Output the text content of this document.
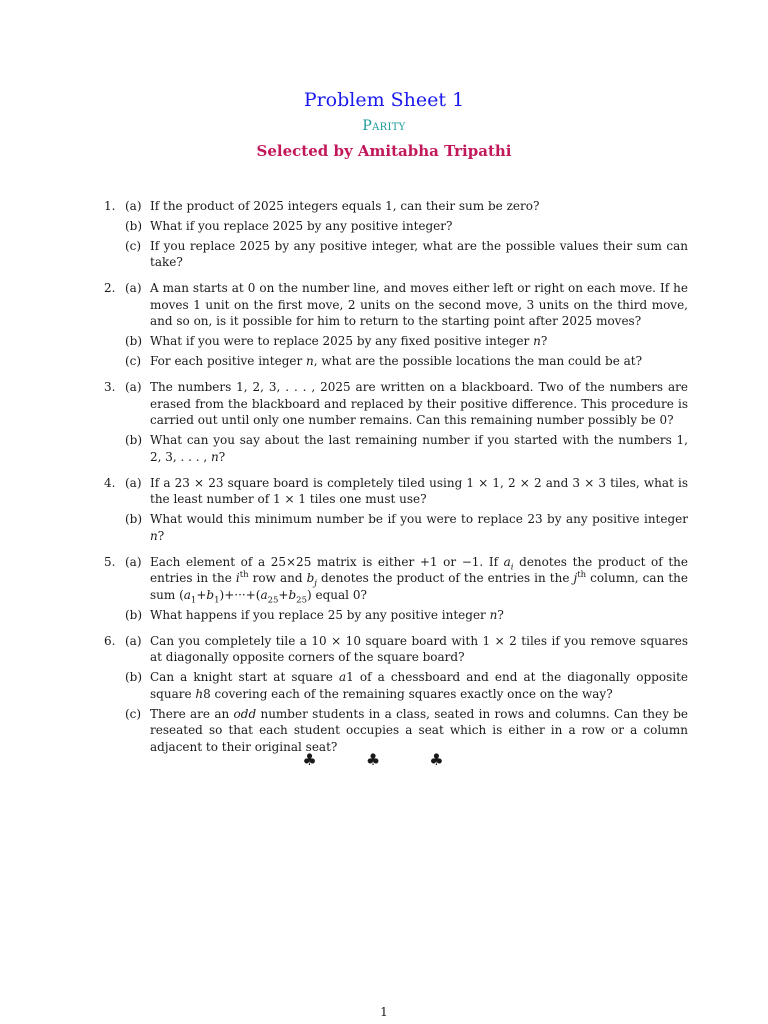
Problem Sheet 1
Parity
Selected by Amitabha Tripathi
1. (a) If the product of 2025 integers equals 1, can their sum be zero?
(b) What if you replace 2025 by any positive integer?
(c) If you replace 2025 by any positive integer, what are the possible values their sum can take?
2. (a) A man starts at 0 on the number line, and moves either left or right on each move. If he moves 1 unit on the first move, 2 units on the second move, 3 units on the third move, and so on, is it possible for him to return to the starting point after 2025 moves?
(b) What if you were to replace 2025 by any fixed positive integer n?
(c) For each positive integer n, what are the possible locations the man could be at?
3. (a) The numbers 1, 2, 3, . . . , 2025 are written on a blackboard. Two of the numbers are erased from the blackboard and replaced by their positive difference. This procedure is carried out until only one number remains. Can this remaining number possibly be 0?
(b) What can you say about the last remaining number if you started with the numbers 1, 2, 3, . . . , n?
4. (a) If a 23 × 23 square board is completely tiled using 1 × 1, 2 × 2 and 3 × 3 tiles, what is the least number of 1 × 1 tiles one must use?
(b) What would this minimum number be if you were to replace 23 by any positive integer n?
5. (a) Each element of a 25×25 matrix is either +1 or −1. If $a_i$ denotes the product of the entries in the $i^{th}$ row and $b_j$ denotes the product of the entries in the $j^{th}$ column, can the sum $(a_1+b_1)+\cdot\cdot\cdot+(a_{25}+b_{25})$ equal 0?
(b) What happens if you replace 25 by any positive integer n?
6. (a) Can you completely tile a 10 × 10 square board with 1 × 2 tiles if you remove squares at diagonally opposite corners of the square board?
(b) Can a knight start at square a1 of a chessboard and end at the diagonally opposite square h8 covering each of the remaining squares exactly once on the way?
(c) There are an odd number students in a class, seated in rows and columns. Can they be reseated so that each student occupies a seat which is either in a row or a column adjacent to their original seat?
♣ ♣ ♣
1
